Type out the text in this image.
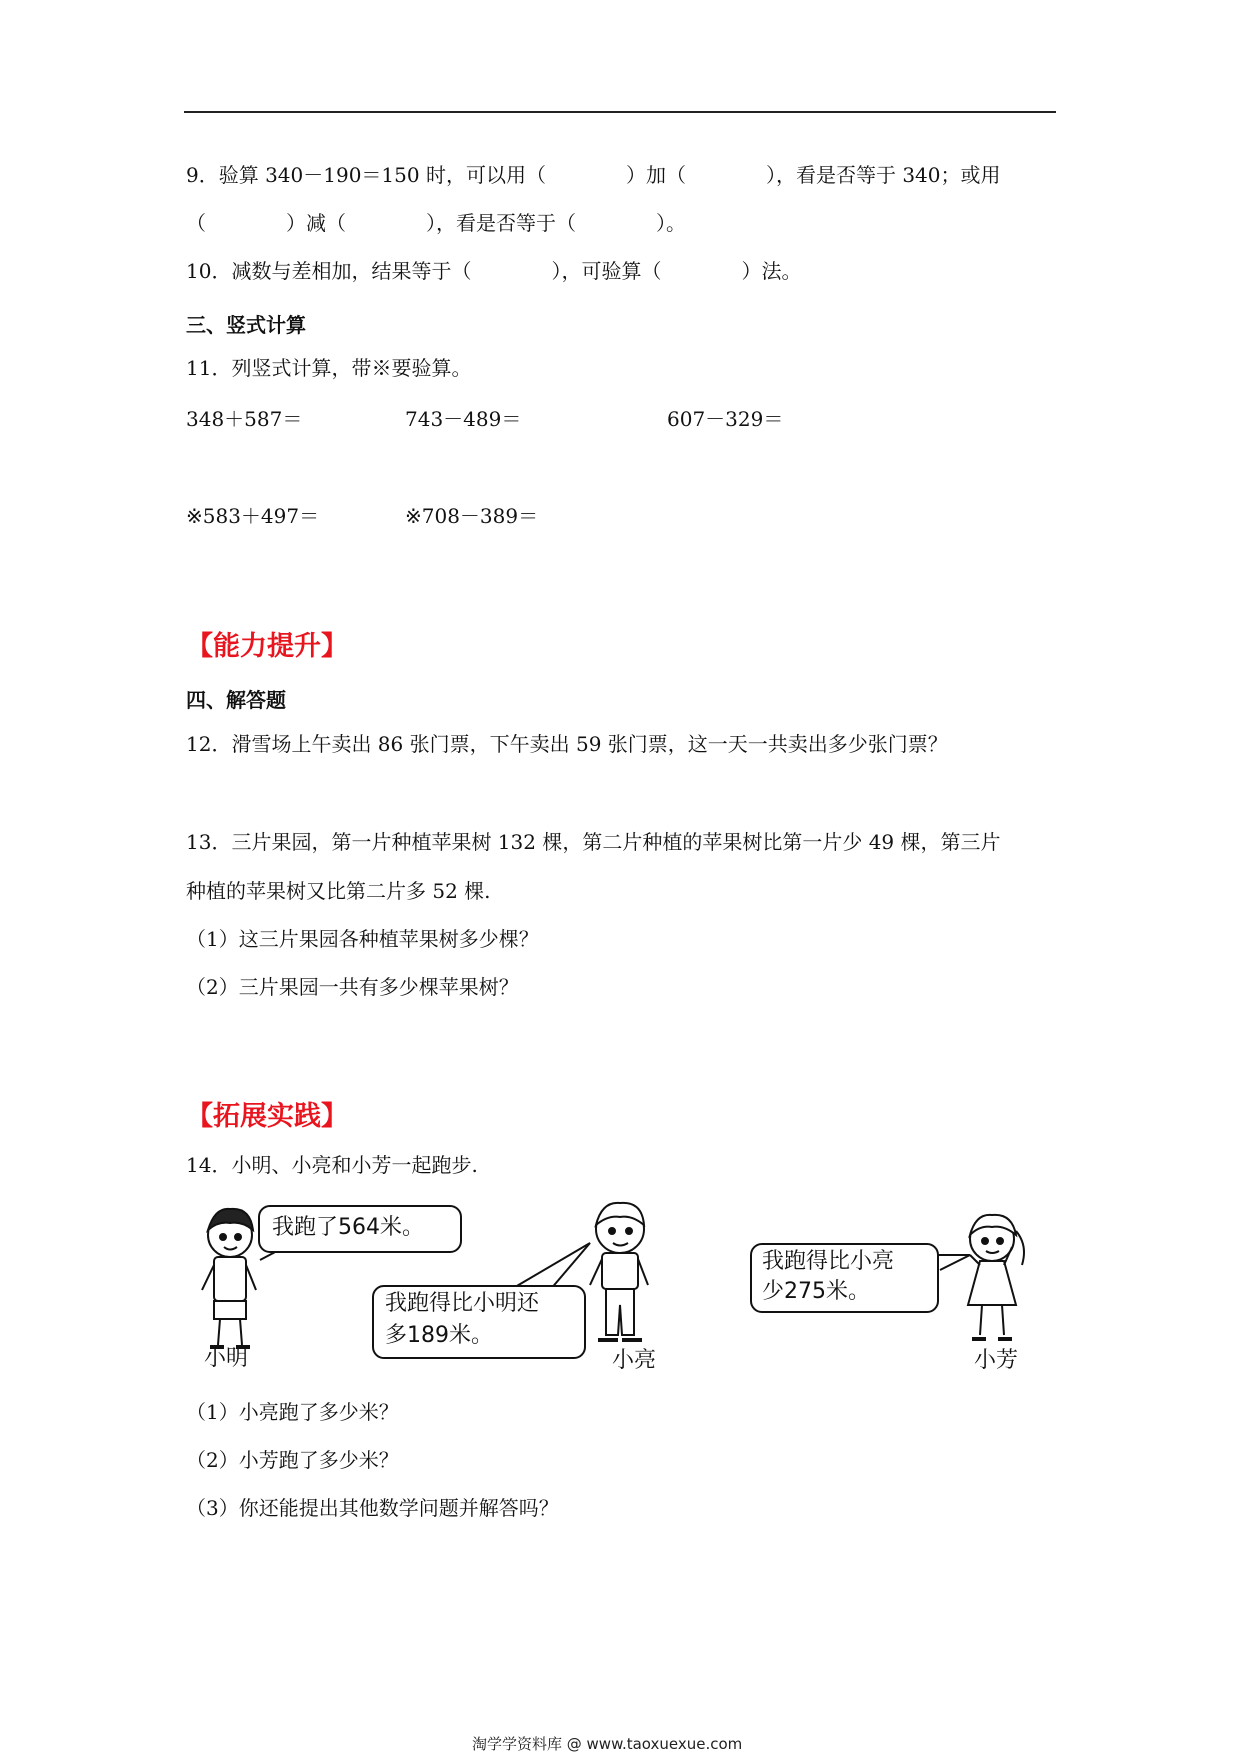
9．验算 340－190＝150 时，可以用（　　　　）加（　　　　），看是否等于 340；或用
（　　　　）减（　　　　），看是否等于（　　　　）。
10．减数与差相加，结果等于（　　　　），可验算（　　　　）法。
三、竖式计算
11．列竖式计算，带※要验算。
348＋587＝	743－489＝	607－329＝
※583＋497＝	※708－389＝
【能力提升】
四、解答题
12．滑雪场上午卖出 86 张门票，下午卖出 59 张门票，这一天一共卖出多少张门票？
13．三片果园，第一片种植苹果树 132 棵，第二片种植的苹果树比第一片少 49 棵，第三片
种植的苹果树又比第二片多 52 棵.
（1）这三片果园各种植苹果树多少棵？
（2）三片果园一共有多少棵苹果树？
【拓展实践】
14．小明、小亮和小芳一起跑步.
我跑了564米。
我跑得比小明还
多189米。
我跑得比小亮
少275米。
小明	小亮	小芳
（1）小亮跑了多少米？
（2）小芳跑了多少米？
（3）你还能提出其他数学问题并解答吗？
淘学学资料库 @ www.taoxuexue.com
